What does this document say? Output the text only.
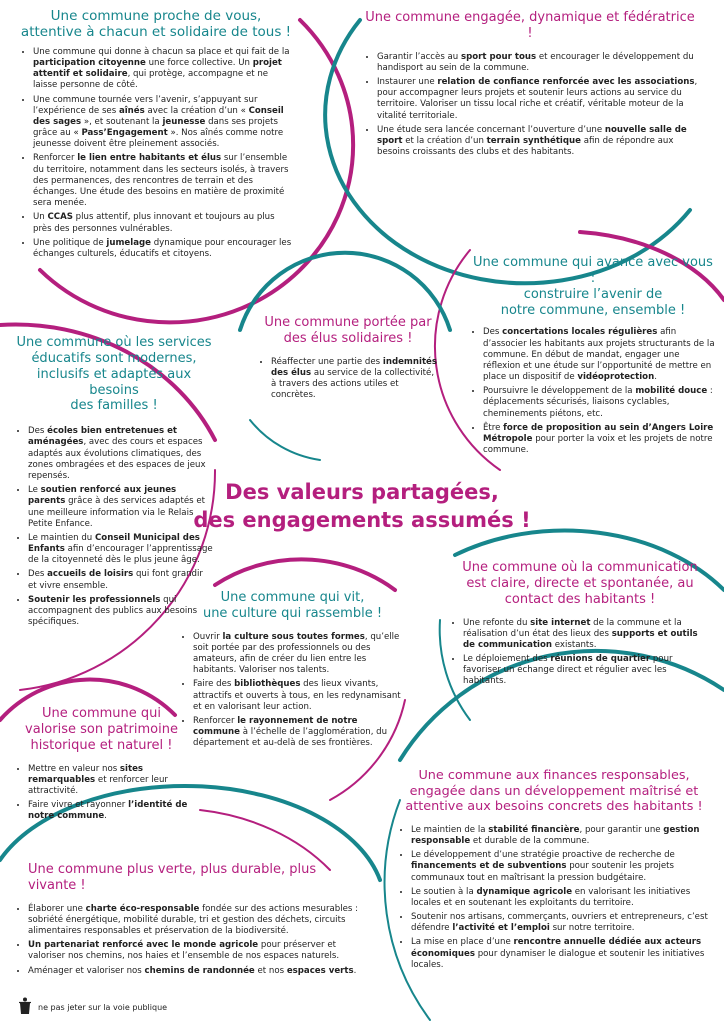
Une commune proche de vous,
attentive à chacun et solidaire de tous !
• Une commune qui donne à chacun sa place et qui fait de la participation citoyenne une force collective. Un projet attentif et solidaire, qui protège, accompagne et ne laisse personne de côté.
• Une commune tournée vers l’avenir, s’appuyant sur l’expérience de ses aînés avec la création d’un « Conseil des sages », et soutenant la jeunesse dans ses projets grâce au « Pass’Engagement ». Nos aînés comme notre jeunesse doivent être pleinement associés.
• Renforcer le lien entre habitants et élus sur l’ensemble du territoire, notamment dans les secteurs isolés, à travers des permanences, des rencontres de terrain et des échanges. Une étude des besoins en matière de proximité sera menée.
• Un CCAS plus attentif, plus innovant et toujours au plus près des personnes vulnérables.
• Une politique de jumelage dynamique pour encourager les échanges culturels, éducatifs et citoyens.
Une commune engagée, dynamique et fédératrice !
• Garantir l’accès au sport pour tous et encourager le développement du handisport au sein de la commune.
• Instaurer une relation de confiance renforcée avec les associations, pour accompagner leurs projets et soutenir leurs actions au service du territoire. Valoriser un tissu local riche et créatif, véritable moteur de la vitalité territoriale.
• Une étude sera lancée concernant l’ouverture d’une nouvelle salle de sport et la création d’un terrain synthétique afin de répondre aux besoins croissants des clubs et des habitants.
Une commune qui avance avec vous :
construire l’avenir de
notre commune, ensemble !
• Des concertations locales régulières afin d’associer les habitants aux projets structurants de la commune. En début de mandat, engager une réflexion et une étude sur l’opportunité de mettre en place un dispositif de vidéoprotection.
• Poursuivre le développement de la mobilité douce : déplacements sécurisés, liaisons cyclables, cheminements piétons, etc.
• Être force de proposition au sein d’Angers Loire Métropole pour porter la voix et les projets de notre commune.
Une commune portée par
des élus solidaires !
• Réaffecter une partie des indemnités des élus au service de la collectivité, à travers des actions utiles et concrètes.
Une commune où les services
éducatifs sont modernes,
inclusifs et adaptés aux besoins
des familles !
• Des écoles bien entretenues et aménagées, avec des cours et espaces adaptés aux évolutions climatiques, des zones ombragées et des espaces de jeux repensés.
• Le soutien renforcé aux jeunes parents grâce à des services adaptés et une meilleure information via le Relais Petite Enfance.
• Le maintien du Conseil Municipal des Enfants afin d’encourager l’apprentissage de la citoyenneté dès le plus jeune âge.
• Des accueils de loisirs qui font grandir et vivre ensemble.
• Soutenir les professionnels qui accompagnent des publics aux besoins spécifiques.
Des valeurs partagées,
des engagements assumés !
Une commune où la communication
est claire, directe et spontanée, au
contact des habitants !
• Une refonte du site internet de la commune et la réalisation d’un état des lieux des supports et outils de communication existants.
• Le déploiement des réunions de quartier pour favoriser un échange direct et régulier avec les habitants.
Une commune qui vit,
une culture qui rassemble !
• Ouvrir la culture sous toutes formes, qu’elle soit portée par des professionnels ou des amateurs, afin de créer du lien entre les habitants. Valoriser nos talents.
• Faire des bibliothèques des lieux vivants, attractifs et ouverts à tous, en les redynamisant et en valorisant leur action.
• Renforcer le rayonnement de notre commune à l’échelle de l’agglomération, du département et au-delà de ses frontières.
Une commune qui
valorise son patrimoine
historique et naturel !
• Mettre en valeur nos sites remarquables et renforcer leur attractivité.
• Faire vivre et rayonner l’identité de notre commune.
Une commune aux finances responsables,
engagée dans un développement maîtrisé et
attentive aux besoins concrets des habitants !
• Le maintien de la stabilité financière, pour garantir une gestion responsable et durable de la commune.
• Le développement d’une stratégie proactive de recherche de financements et de subventions pour soutenir les projets communaux tout en maîtrisant la pression budgétaire.
• Le soutien à la dynamique agricole en valorisant les initiatives locales et en soutenant les exploitants du territoire.
• Soutenir nos artisans, commerçants, ouvriers et entrepreneurs, c’est défendre l’activité et l’emploi sur notre territoire.
• La mise en place d’une rencontre annuelle dédiée aux acteurs économiques pour dynamiser le dialogue et soutenir les initiatives locales.
Une commune plus verte, plus durable, plus
vivante !
• Élaborer une charte éco-responsable fondée sur des actions mesurables : sobriété énergétique, mobilité durable, tri et gestion des déchets, circuits alimentaires responsables et préservation de la biodiversité.
• Un partenariat renforcé avec le monde agricole pour préserver et valoriser nos chemins, nos haies et l’ensemble de nos espaces naturels.
• Aménager et valoriser nos chemins de randonnée et nos espaces verts.
ne pas jeter sur la voie publique
